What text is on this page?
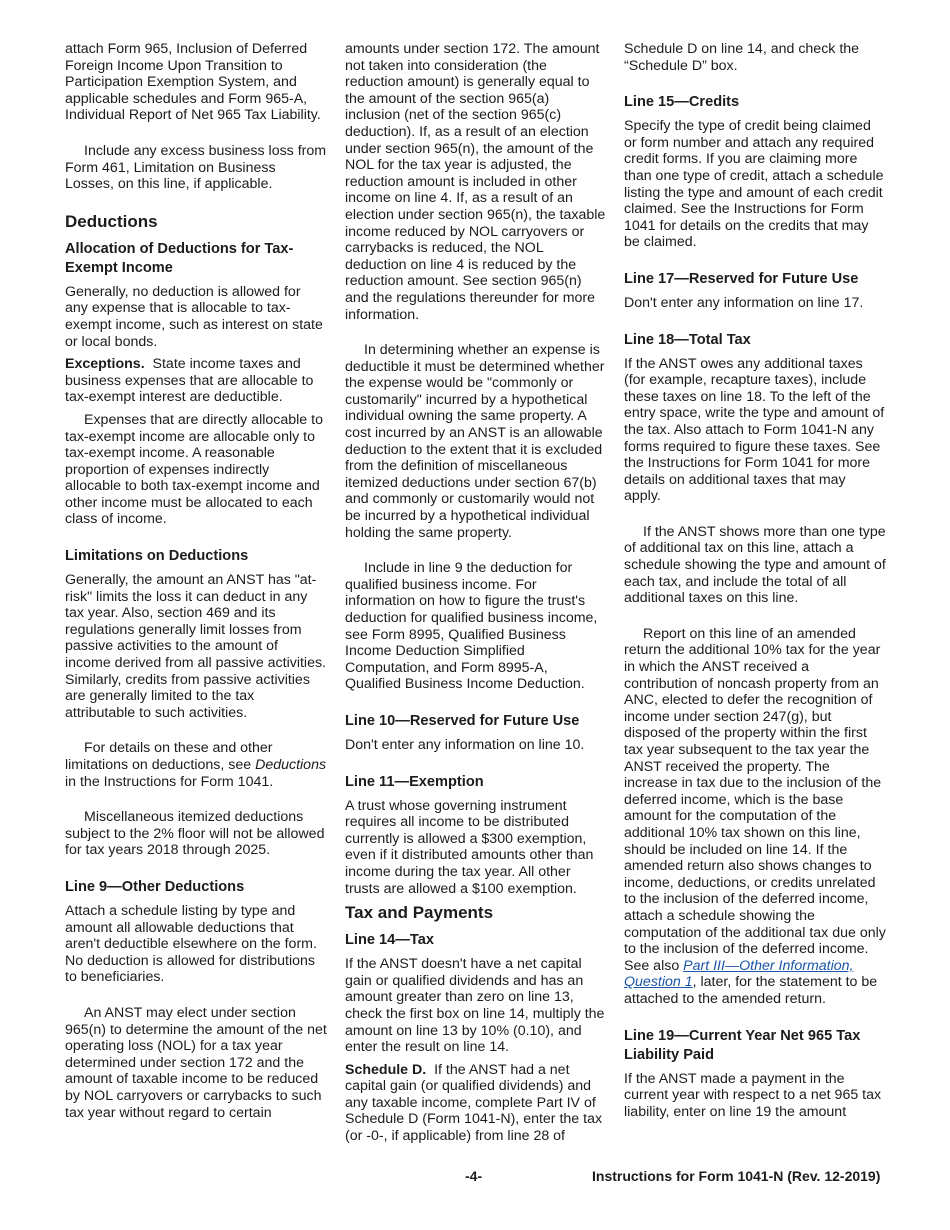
attach Form 965, Inclusion of Deferred Foreign Income Upon Transition to Participation Exemption System, and applicable schedules and Form 965-A, Individual Report of Net 965 Tax Liability.

Include any excess business loss from Form 461, Limitation on Business Losses, on this line, if applicable.

Deductions
Allocation of Deductions for Tax-Exempt Income

Generally, no deduction is allowed for any expense that is allocable to tax-exempt income, such as interest on state or local bonds.

Exceptions. State income taxes and business expenses that are allocable to tax-exempt interest are deductible.

Expenses that are directly allocable to tax-exempt income are allocable only to tax-exempt income. A reasonable proportion of expenses indirectly allocable to both tax-exempt income and other income must be allocated to each class of income.

Limitations on Deductions

Generally, the amount an ANST has "at-risk" limits the loss it can deduct in any tax year. Also, section 469 and its regulations generally limit losses from passive activities to the amount of income derived from all passive activities. Similarly, credits from passive activities are generally limited to the tax attributable to such activities.

For details on these and other limitations on deductions, see Deductions in the Instructions for Form 1041.

Miscellaneous itemized deductions subject to the 2% floor will not be allowed for tax years 2018 through 2025.

Line 9—Other Deductions

Attach a schedule listing by type and amount all allowable deductions that aren't deductible elsewhere on the form. No deduction is allowed for distributions to beneficiaries.

An ANST may elect under section 965(n) to determine the amount of the net operating loss (NOL) for a tax year determined under section 172 and the amount of taxable income to be reduced by NOL carryovers or carrybacks to such tax year without regard to certain

amounts under section 172. The amount not taken into consideration (the reduction amount) is generally equal to the amount of the section 965(a) inclusion (net of the section 965(c) deduction). If, as a result of an election under section 965(n), the amount of the NOL for the tax year is adjusted, the reduction amount is included in other income on line 4. If, as a result of an election under section 965(n), the taxable income reduced by NOL carryovers or carrybacks is reduced, the NOL deduction on line 4 is reduced by the reduction amount. See section 965(n) and the regulations thereunder for more information.

In determining whether an expense is deductible it must be determined whether the expense would be "commonly or customarily" incurred by a hypothetical individual owning the same property. A cost incurred by an ANST is an allowable deduction to the extent that it is excluded from the definition of miscellaneous itemized deductions under section 67(b) and commonly or customarily would not be incurred by a hypothetical individual holding the same property.

Include in line 9 the deduction for qualified business income. For information on how to figure the trust's deduction for qualified business income, see Form 8995, Qualified Business Income Deduction Simplified Computation, and Form 8995-A, Qualified Business Income Deduction.

Line 10—Reserved for Future Use

Don't enter any information on line 10.

Line 11—Exemption

A trust whose governing instrument requires all income to be distributed currently is allowed a $300 exemption, even if it distributed amounts other than income during the tax year. All other trusts are allowed a $100 exemption.

Tax and Payments
Line 14—Tax

If the ANST doesn't have a net capital gain or qualified dividends and has an amount greater than zero on line 13, check the first box on line 14, multiply the amount on line 13 by 10% (0.10), and enter the result on line 14.

Schedule D. If the ANST had a net capital gain (or qualified dividends) and any taxable income, complete Part IV of Schedule D (Form 1041-N), enter the tax (or -0-, if applicable) from line 28 of

Schedule D on line 14, and check the “Schedule D” box.

Line 15—Credits

Specify the type of credit being claimed or form number and attach any required credit forms. If you are claiming more than one type of credit, attach a schedule listing the type and amount of each credit claimed. See the Instructions for Form 1041 for details on the credits that may be claimed.

Line 17—Reserved for Future Use

Don't enter any information on line 17.

Line 18—Total Tax

If the ANST owes any additional taxes (for example, recapture taxes), include these taxes on line 18. To the left of the entry space, write the type and amount of the tax. Also attach to Form 1041-N any forms required to figure these taxes. See the Instructions for Form 1041 for more details on additional taxes that may apply.

If the ANST shows more than one type of additional tax on this line, attach a schedule showing the type and amount of each tax, and include the total of all additional taxes on this line.

Report on this line of an amended return the additional 10% tax for the year in which the ANST received a contribution of noncash property from an ANC, elected to defer the recognition of income under section 247(g), but disposed of the property within the first tax year subsequent to the tax year the ANST received the property. The increase in tax due to the inclusion of the deferred income, which is the base amount for the computation of the additional 10% tax shown on this line, should be included on line 14. If the amended return also shows changes to income, deductions, or credits unrelated to the inclusion of the deferred income, attach a schedule showing the computation of the additional tax due only to the inclusion of the deferred income. See also Part III—Other Information, Question 1, later, for the statement to be attached to the amended return.

Line 19—Current Year Net 965 Tax Liability Paid

If the ANST made a payment in the current year with respect to a net 965 tax liability, enter on line 19 the amount

-4-	Instructions for Form 1041-N (Rev. 12-2019)
